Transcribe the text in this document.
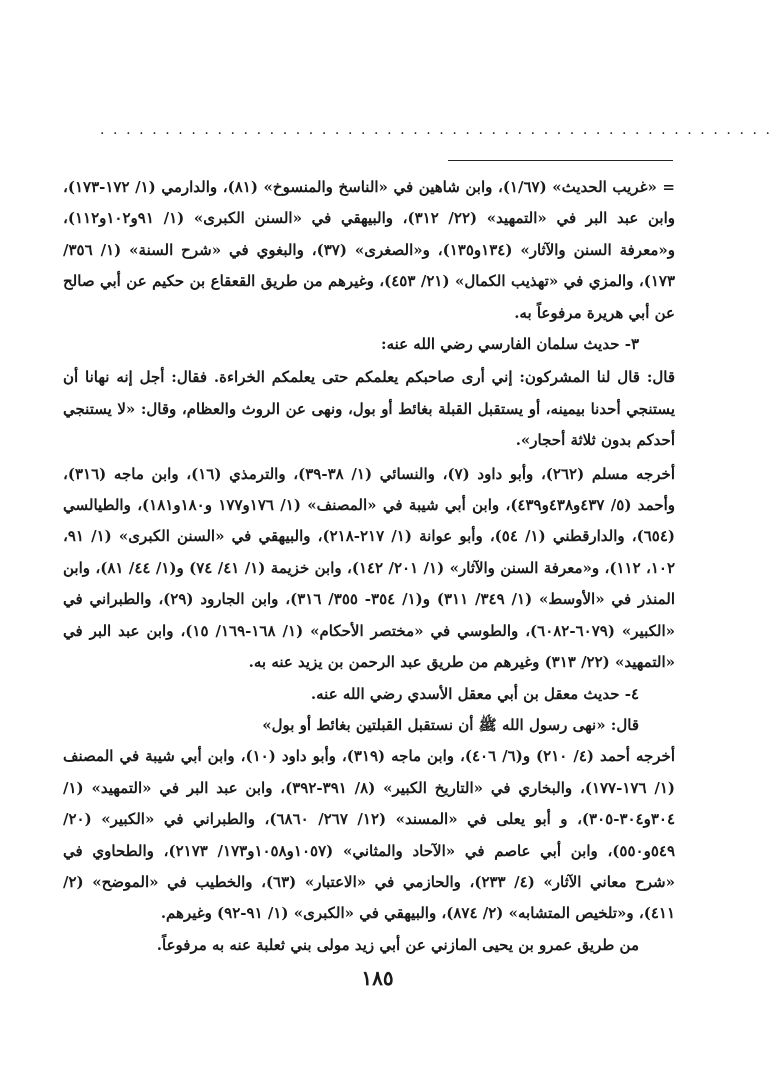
....................................................

= «غريب الحديث» (١/٦٧)، وابن شاهين في «الناسخ والمنسوخ» (٨١)، والدارمي (١/ ١٧٢-١٧٣)، وابن عبد البر في «التمهيد» (٢٢/ ٣١٢)، والبيهقي في «السنن الكبرى» (١/ ٩١و١٠٢و١١٢)، و«معرفة السنن والآثار» (١٣٤و١٣٥)، و«الصغرى» (٣٧)، والبغوي في «شرح السنة» (١/ ٣٥٦/ ١٧٣)، والمزي في «تهذيب الكمال» (٢١/ ٤٥٣)، وغيرهم من طريق القعقاع بن حكيم عن أبي صالح عن أبي هريرة مرفوعاً به.

٣- حديث سلمان الفارسي رضي الله عنه:

قال: قال لنا المشركون: إني أرى صاحبكم يعلمكم حتى يعلمكم الخراءة. فقال: أجل إنه نهانا أن يستنجي أحدنا بيمينه، أو يستقبل القبلة بغائط أو بول، ونهى عن الروث والعظام، وقال: «لا يستنجي أحدكم بدون ثلاثة أحجار».

أخرجه مسلم (٢٦٢)، وأبو داود (٧)، والنسائي (١/ ٣٨-٣٩)، والترمذي (١٦)، وابن ماجه (٣١٦)، وأحمد (٥/ ٤٣٧و٤٣٨و٤٣٩)، وابن أبي شيبة في «المصنف» (١/ ١٧٦و١٧٧ و١٨٠و١٨١)، والطيالسي (٦٥٤)، والدارقطني (١/ ٥٤)، وأبو عوانة (١/ ٢١٧-٢١٨)، والبيهقي في «السنن الكبرى» (١/ ٩١، ١٠٢، ١١٢)، و«معرفة السنن والآثار» (١/ ٢٠١/ ١٤٢)، وابن خزيمة (١/ ٤١/ ٧٤) و(١/ ٤٤/ ٨١)، وابن المنذر في «الأوسط» (١/ ٣٤٩/ ٣١١) و(١/ ٣٥٤- ٣٥٥/ ٣١٦)، وابن الجارود (٢٩)، والطبراني في «الكبير» (٦٠٧٩-٦٠٨٢)، والطوسي في «مختصر الأحكام» (١/ ١٦٨-١٦٩/ ١٥)، وابن عبد البر في «التمهيد» (٢٢/ ٣١٣) وغيرهم من طريق عبد الرحمن بن يزيد عنه به.

٤- حديث معقل بن أبي معقل الأسدي رضي الله عنه.

قال: «نهى رسول الله ﷺ أن نستقبل القبلتين بغائط أو بول»

أخرجه أحمد (٤/ ٢١٠) و(٦/ ٤٠٦)، وابن ماجه (٣١٩)، وأبو داود (١٠)، وابن أبي شيبة في المصنف (١/ ١٧٦-١٧٧)، والبخاري في «التاريخ الكبير» (٨/ ٣٩١-٣٩٢)، وابن عبد البر في «التمهيد» (١/ ٣٠٤و٣٠٤-٣٠٥)، و أبو يعلى في «المسند» (١٢/ ٢٦٧/ ٦٨٦٠)، والطبراني في «الكبير» (٢٠/ ٥٤٩و٥٥٠)، وابن أبي عاصم في «الآحاد والمثاني» (١٠٥٧و١٠٥٨و١٧٣/ ٢١٧٣)، والطحاوي في «شرح معاني الآثار» (٤/ ٢٣٣)، والحازمي في «الاعتبار» (٦٣)، والخطيب في «الموضح» (٢/ ٤١١)، و«تلخيص المتشابه» (٢/ ٨٧٤)، والبيهقي في «الكبرى» (١/ ٩١-٩٢) وغيرهم.

من طريق عمرو بن يحيى المازني عن أبي زيد مولى بني ثعلبة عنه به مرفوعاً.

١٨٥
